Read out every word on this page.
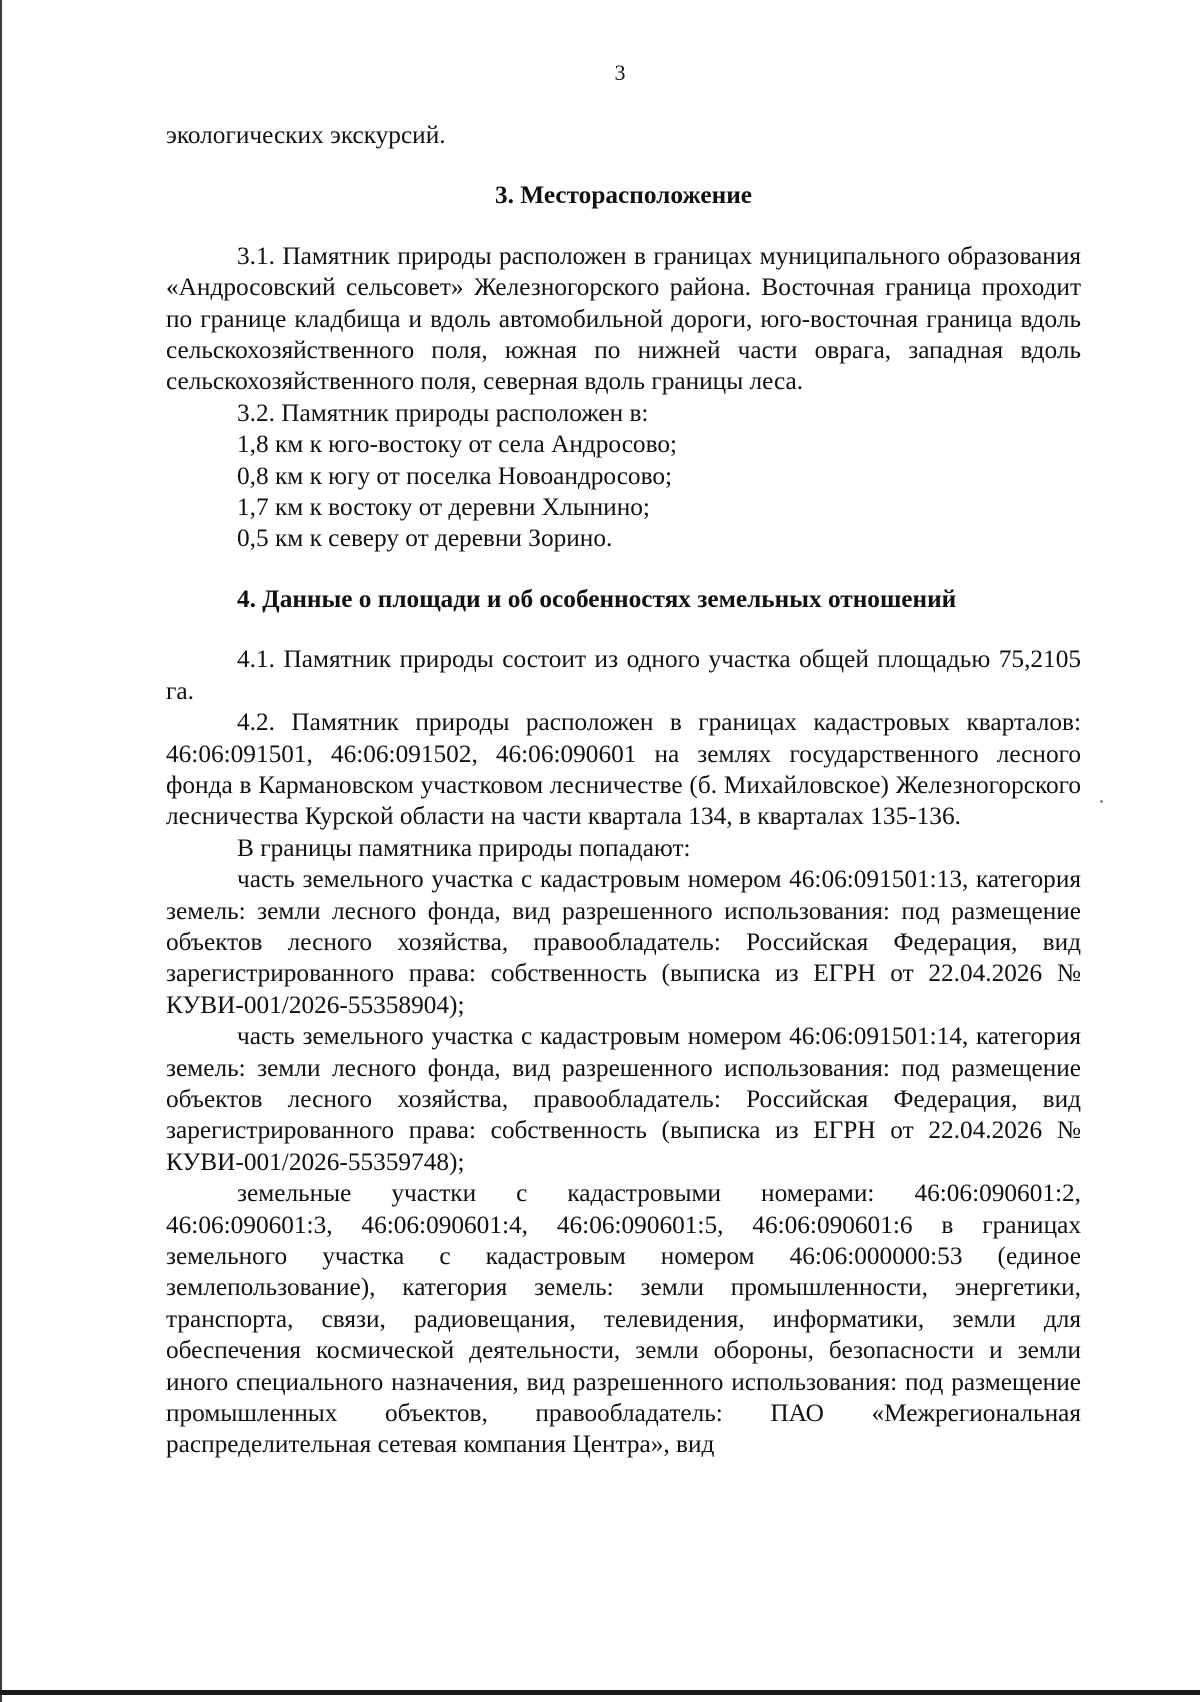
3

экологических экскурсий.

3. Месторасположение

3.1. Памятник природы расположен в границах муниципального образования «Андросовский сельсовет» Железногорского района. Восточная граница проходит по границе кладбища и вдоль автомобильной дороги, юго-восточная граница вдоль сельскохозяйственного поля, южная по нижней части оврага, западная вдоль сельскохозяйственного поля, северная вдоль границы леса.

3.2. Памятник природы расположен в:

1,8 км к юго-востоку от села Андросово;

0,8 км к югу от поселка Новоандросово;

1,7 км к востоку от деревни Хлынино;

0,5 км к северу от деревни Зорино.

4. Данные о площади и об особенностях земельных отношений

4.1. Памятник природы состоит из одного участка общей площадью 75,2105 га.

4.2. Памятник природы расположен в границах кадастровых кварталов: 46:06:091501, 46:06:091502, 46:06:090601 на землях государственного лесного фонда в Кармановском участковом лесничестве (б. Михайловское) Железногорского лесничества Курской области на части квартала 134, в кварталах 135-136.

В границы памятника природы попадают:

часть земельного участка с кадастровым номером 46:06:091501:13, категория земель: земли лесного фонда, вид разрешенного использования: под размещение объектов лесного хозяйства, правообладатель: Российская Федерация, вид зарегистрированного права: собственность (выписка из ЕГРН от 22.04.2026 № КУВИ-001/2026-55358904);

часть земельного участка с кадастровым номером 46:06:091501:14, категория земель: земли лесного фонда, вид разрешенного использования: под размещение объектов лесного хозяйства, правообладатель: Российская Федерация, вид зарегистрированного права: собственность (выписка из ЕГРН от 22.04.2026 № КУВИ-001/2026-55359748);

земельные участки с кадастровыми номерами: 46:06:090601:2, 46:06:090601:3, 46:06:090601:4, 46:06:090601:5, 46:06:090601:6 в границах земельного участка с кадастровым номером 46:06:000000:53 (единое землепользование), категория земель: земли промышленности, энергетики, транспорта, связи, радиовещания, телевидения, информатики, земли для обеспечения космической деятельности, земли обороны, безопасности и земли иного специального назначения, вид разрешенного использования: под размещение промышленных объектов, правообладатель: ПАО «Межрегиональная распределительная сетевая компания Центра», вид
